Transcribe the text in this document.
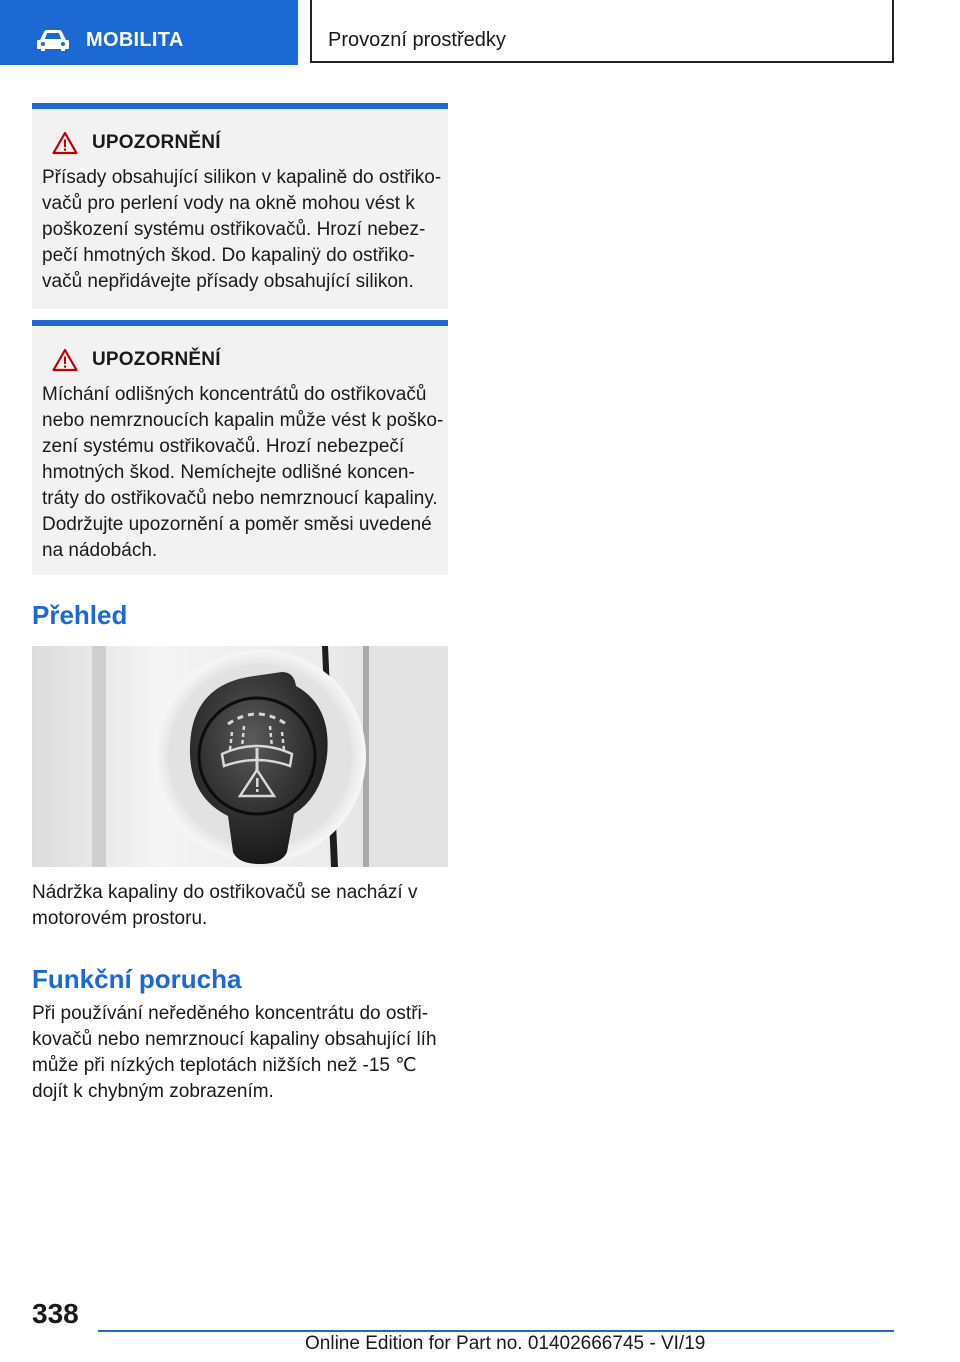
MOBILITA	Provozní prostředky
UPOZORNĚNÍ

Přísady obsahující silikon v kapalině do ostřiko-

vačů pro perlení vody na okně mohou vést k

poškození systému ostřikovačů. Hrozí nebez-

pečí hmotných škod. Do kapalinÿ do ostřiko-

vačů nepřidávejte přísady obsahující silikon.

UPOZORNĚNÍ

Míchání odlišných koncentrátů do ostřikovačů

nebo nemrznoucích kapalin může vést k poško-

zení systému ostřikovačů. Hrozí nebezpečí

hmotných škod. Nemíchejte odlišné koncen-

tráty do ostřikovačů nebo nemrznoucí kapaliny.

Dodržujte upozornění a poměr směsi uvedené

na nádobách.

Přehled

Nádržka kapaliny do ostřikovačů se nachází v

motorovém prostoru.

Funkční porucha

Při používání neředěného koncentrátu do ostři-

kovačů nebo nemrznoucí kapaliny obsahující líh

může při nízkých teplotách nižších než -15 ℃

dojít k chybným zobrazením.

338
Online Edition for Part no. 01402666745 - VI/19
